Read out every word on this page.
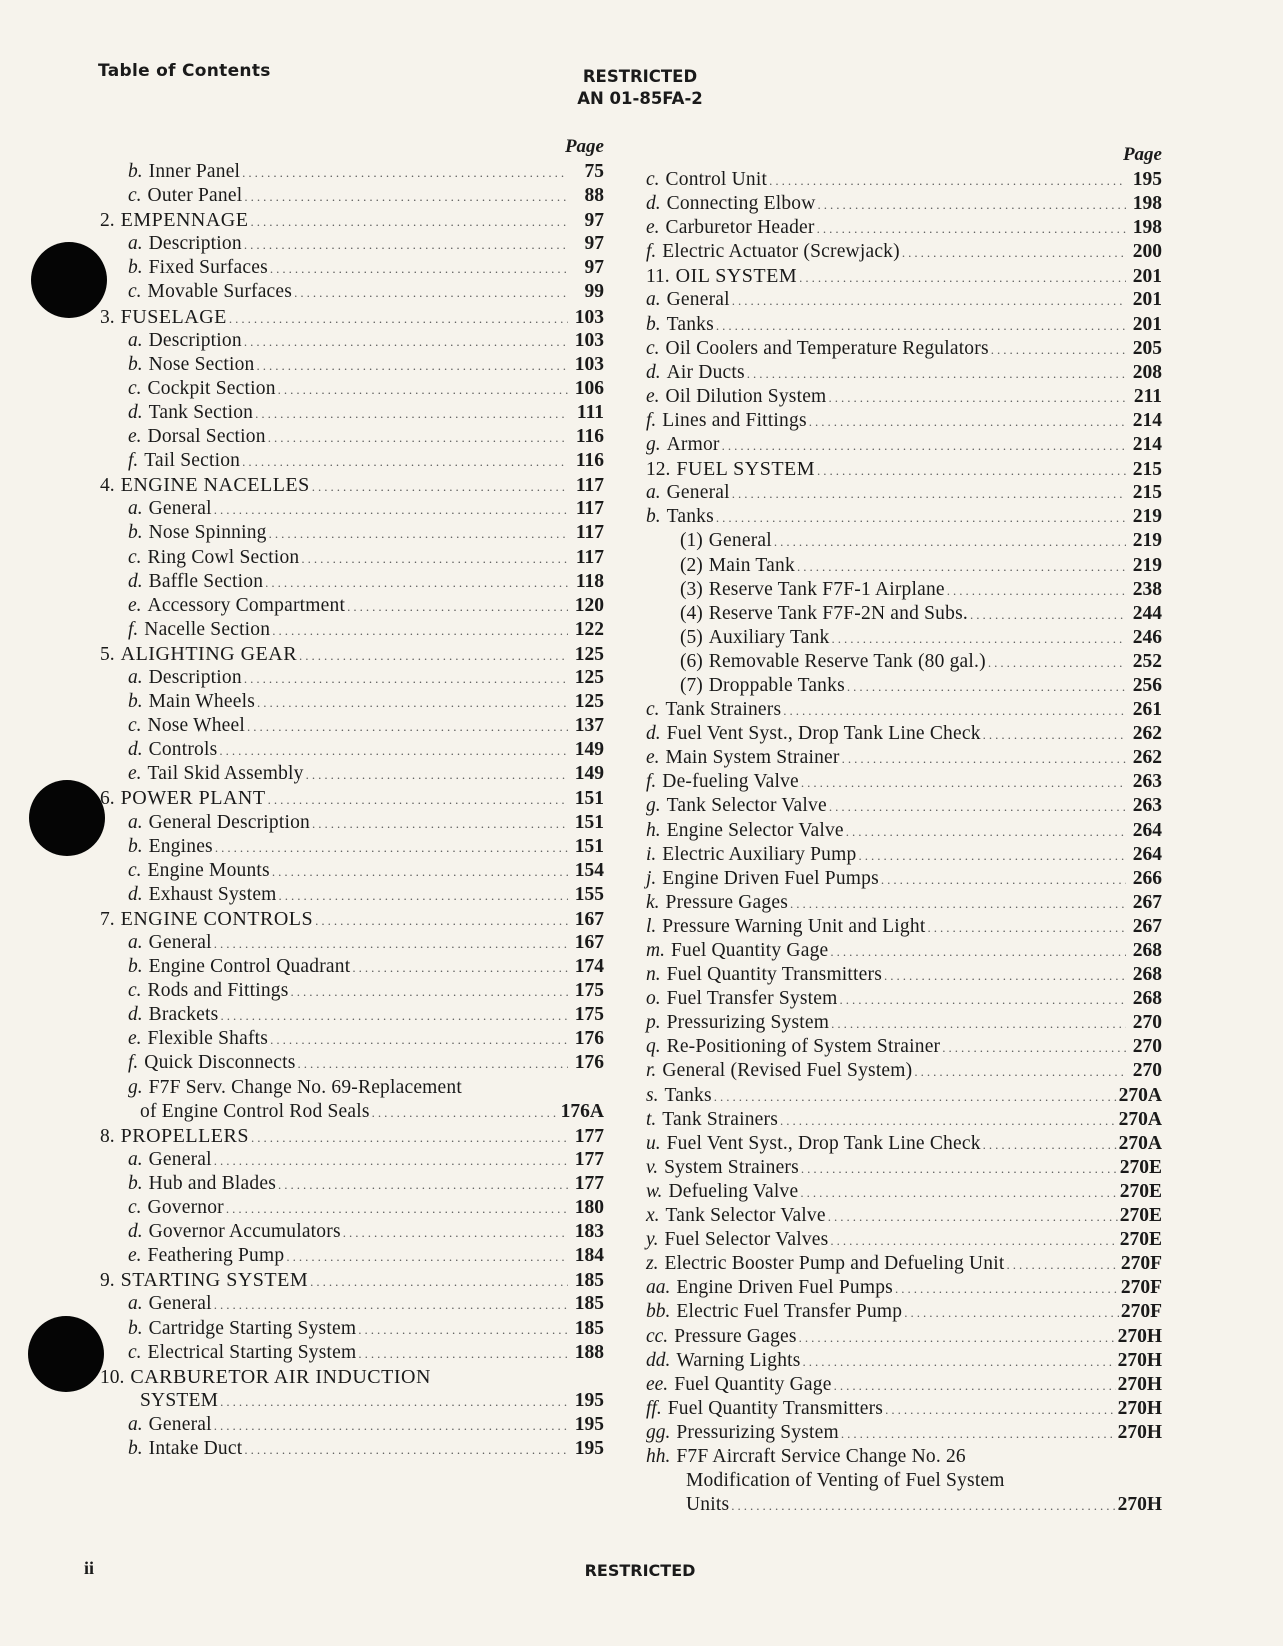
Table of Contents	RESTRICTED
AN 01-85FA-2
Page
b. Inner Panel .....	75
c. Outer Panel .....	88
2. EMPENNAGE .....	97
a. Description .....	97
b. Fixed Surfaces .....	97
c. Movable Surfaces .....	99
3. FUSELAGE .....	103
a. Description .....	103
b. Nose Section .....	103
c. Cockpit Section .....	106
d. Tank Section .....	111
e. Dorsal Section .....	116
f. Tail Section .....	116
4. ENGINE NACELLES .....	117
a. General .....	117
b. Nose Spinning .....	117
c. Ring Cowl Section .....	117
d. Baffle Section .....	118
e. Accessory Compartment .....	120
f. Nacelle Section .....	122
5. ALIGHTING GEAR .....	125
a. Description .....	125
b. Main Wheels .....	125
c. Nose Wheel .....	137
d. Controls .....	149
e. Tail Skid Assembly .....	149
6. POWER PLANT .....	151
a. General Description .....	151
b. Engines .....	151
c. Engine Mounts .....	154
d. Exhaust System .....	155
7. ENGINE CONTROLS .....	167
a. General .....	167
b. Engine Control Quadrant .....	174
c. Rods and Fittings .....	175
d. Brackets .....	175
e. Flexible Shafts .....	176
f. Quick Disconnects .....	176
g. F7F Serv. Change No. 69-Replacement
of Engine Control Rod Seals .....	176A
8. PROPELLERS .....	177
a. General .....	177
b. Hub and Blades .....	177
c. Governor .....	180
d. Governor Accumulators .....	183
e. Feathering Pump .....	184
9. STARTING SYSTEM .....	185
a. General .....	185
b. Cartridge Starting System .....	185
c. Electrical Starting System .....	188
10. CARBURETOR AIR INDUCTION
SYSTEM .....	195
a. General .....	195
b. Intake Duct .....	195
Page
c. Control Unit .....	195
d. Connecting Elbow .....	198
e. Carburetor Header .....	198
f. Electric Actuator (Screwjack) .....	200
11. OIL SYSTEM .....	201
a. General .....	201
b. Tanks .....	201
c. Oil Coolers and Temperature Regulators .....	205
d. Air Ducts .....	208
e. Oil Dilution System .....	211
f. Lines and Fittings .....	214
g. Armor .....	214
12. FUEL SYSTEM .....	215
a. General .....	215
b. Tanks .....	219
(1) General .....	219
(2) Main Tank .....	219
(3) Reserve Tank F7F-1 Airplane .....	238
(4) Reserve Tank F7F-2N and Subs. .....	244
(5) Auxiliary Tank .....	246
(6) Removable Reserve Tank (80 gal.) .....	252
(7) Droppable Tanks .....	256
c. Tank Strainers .....	261
d. Fuel Vent Syst., Drop Tank Line Check .....	262
e. Main System Strainer .....	262
f. De-fueling Valve .....	263
g. Tank Selector Valve .....	263
h. Engine Selector Valve .....	264
i. Electric Auxiliary Pump .....	264
j. Engine Driven Fuel Pumps .....	266
k. Pressure Gages .....	267
l. Pressure Warning Unit and Light .....	267
m. Fuel Quantity Gage .....	268
n. Fuel Quantity Transmitters .....	268
o. Fuel Transfer System .....	268
p. Pressurizing System .....	270
q. Re-Positioning of System Strainer .....	270
r. General (Revised Fuel System) .....	270
s. Tanks .....	270A
t. Tank Strainers .....	270A
u. Fuel Vent Syst., Drop Tank Line Check .....	270A
v. System Strainers .....	270E
w. Defueling Valve .....	270E
x. Tank Selector Valve .....	270E
y. Fuel Selector Valves .....	270E
z. Electric Booster Pump and Defueling Unit .....	270F
aa. Engine Driven Fuel Pumps .....	270F
bb. Electric Fuel Transfer Pump .....	270F
cc. Pressure Gages .....	270H
dd. Warning Lights .....	270H
ee. Fuel Quantity Gage .....	270H
ff. Fuel Quantity Transmitters .....	270H
gg. Pressurizing System .....	270H
hh. F7F Aircraft Service Change No. 26
Modification of Venting of Fuel System
Units .....	270H
ii	RESTRICTED
